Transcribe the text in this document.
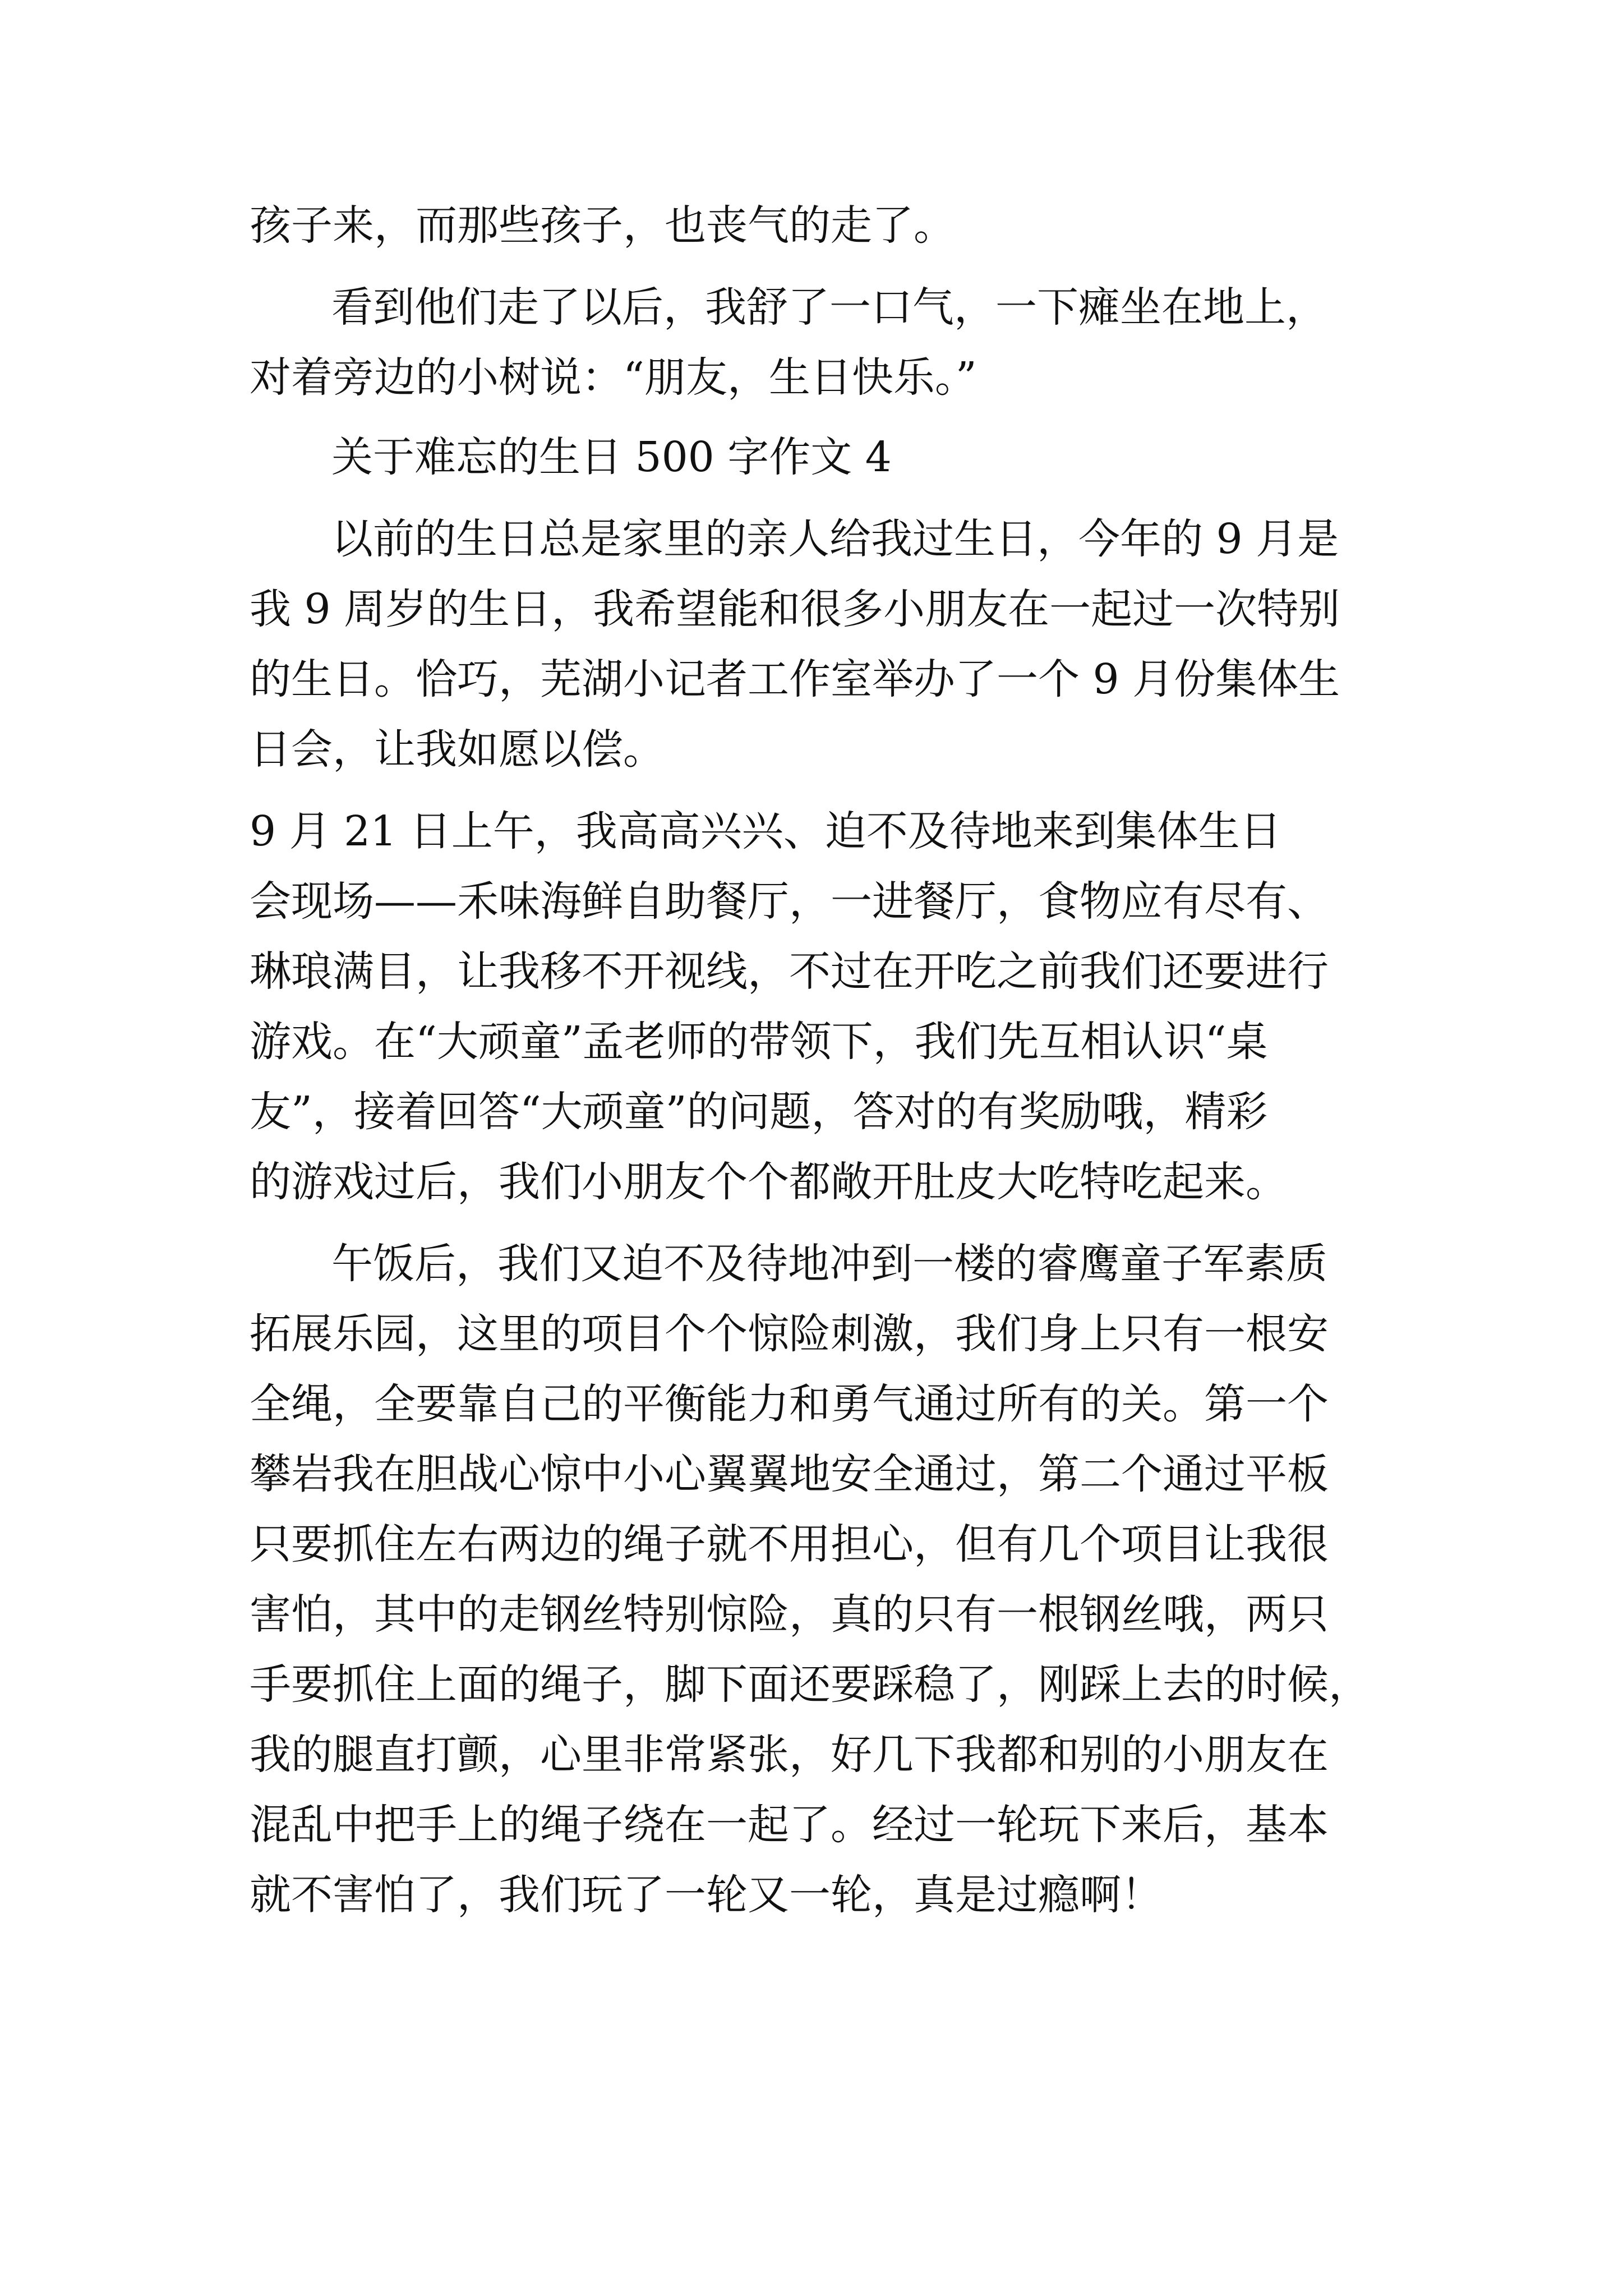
孩子来，而那些孩子，也丧气的走了。
看到他们走了以后，我舒了一口气，一下瘫坐在地上，
对着旁边的小树说：“朋友，生日快乐。”
关于难忘的生日 500 字作文 4
以前的生日总是家里的亲人给我过生日，今年的 9 月是
我 9 周岁的生日，我希望能和很多小朋友在一起过一次特别
的生日。恰巧，芜湖小记者工作室举办了一个 9 月份集体生
日会，让我如愿以偿。
9 月 21 日上午，我高高兴兴、迫不及待地来到集体生日
会现场——禾味海鲜自助餐厅，一进餐厅，食物应有尽有、
琳琅满目，让我移不开视线，不过在开吃之前我们还要进行
游戏。在“大顽童”孟老师的带领下，我们先互相认识“桌
友”，接着回答“大顽童”的问题，答对的有奖励哦，精彩
的游戏过后，我们小朋友个个都敞开肚皮大吃特吃起来。
午饭后，我们又迫不及待地冲到一楼的睿鹰童子军素质
拓展乐园，这里的项目个个惊险刺激，我们身上只有一根安
全绳，全要靠自己的平衡能力和勇气通过所有的关。第一个
攀岩我在胆战心惊中小心翼翼地安全通过，第二个通过平板
只要抓住左右两边的绳子就不用担心，但有几个项目让我很
害怕，其中的走钢丝特别惊险，真的只有一根钢丝哦，两只
手要抓住上面的绳子，脚下面还要踩稳了，刚踩上去的时候，
我的腿直打颤，心里非常紧张，好几下我都和别的小朋友在
混乱中把手上的绳子绕在一起了。经过一轮玩下来后，基本
就不害怕了，我们玩了一轮又一轮，真是过瘾啊！
